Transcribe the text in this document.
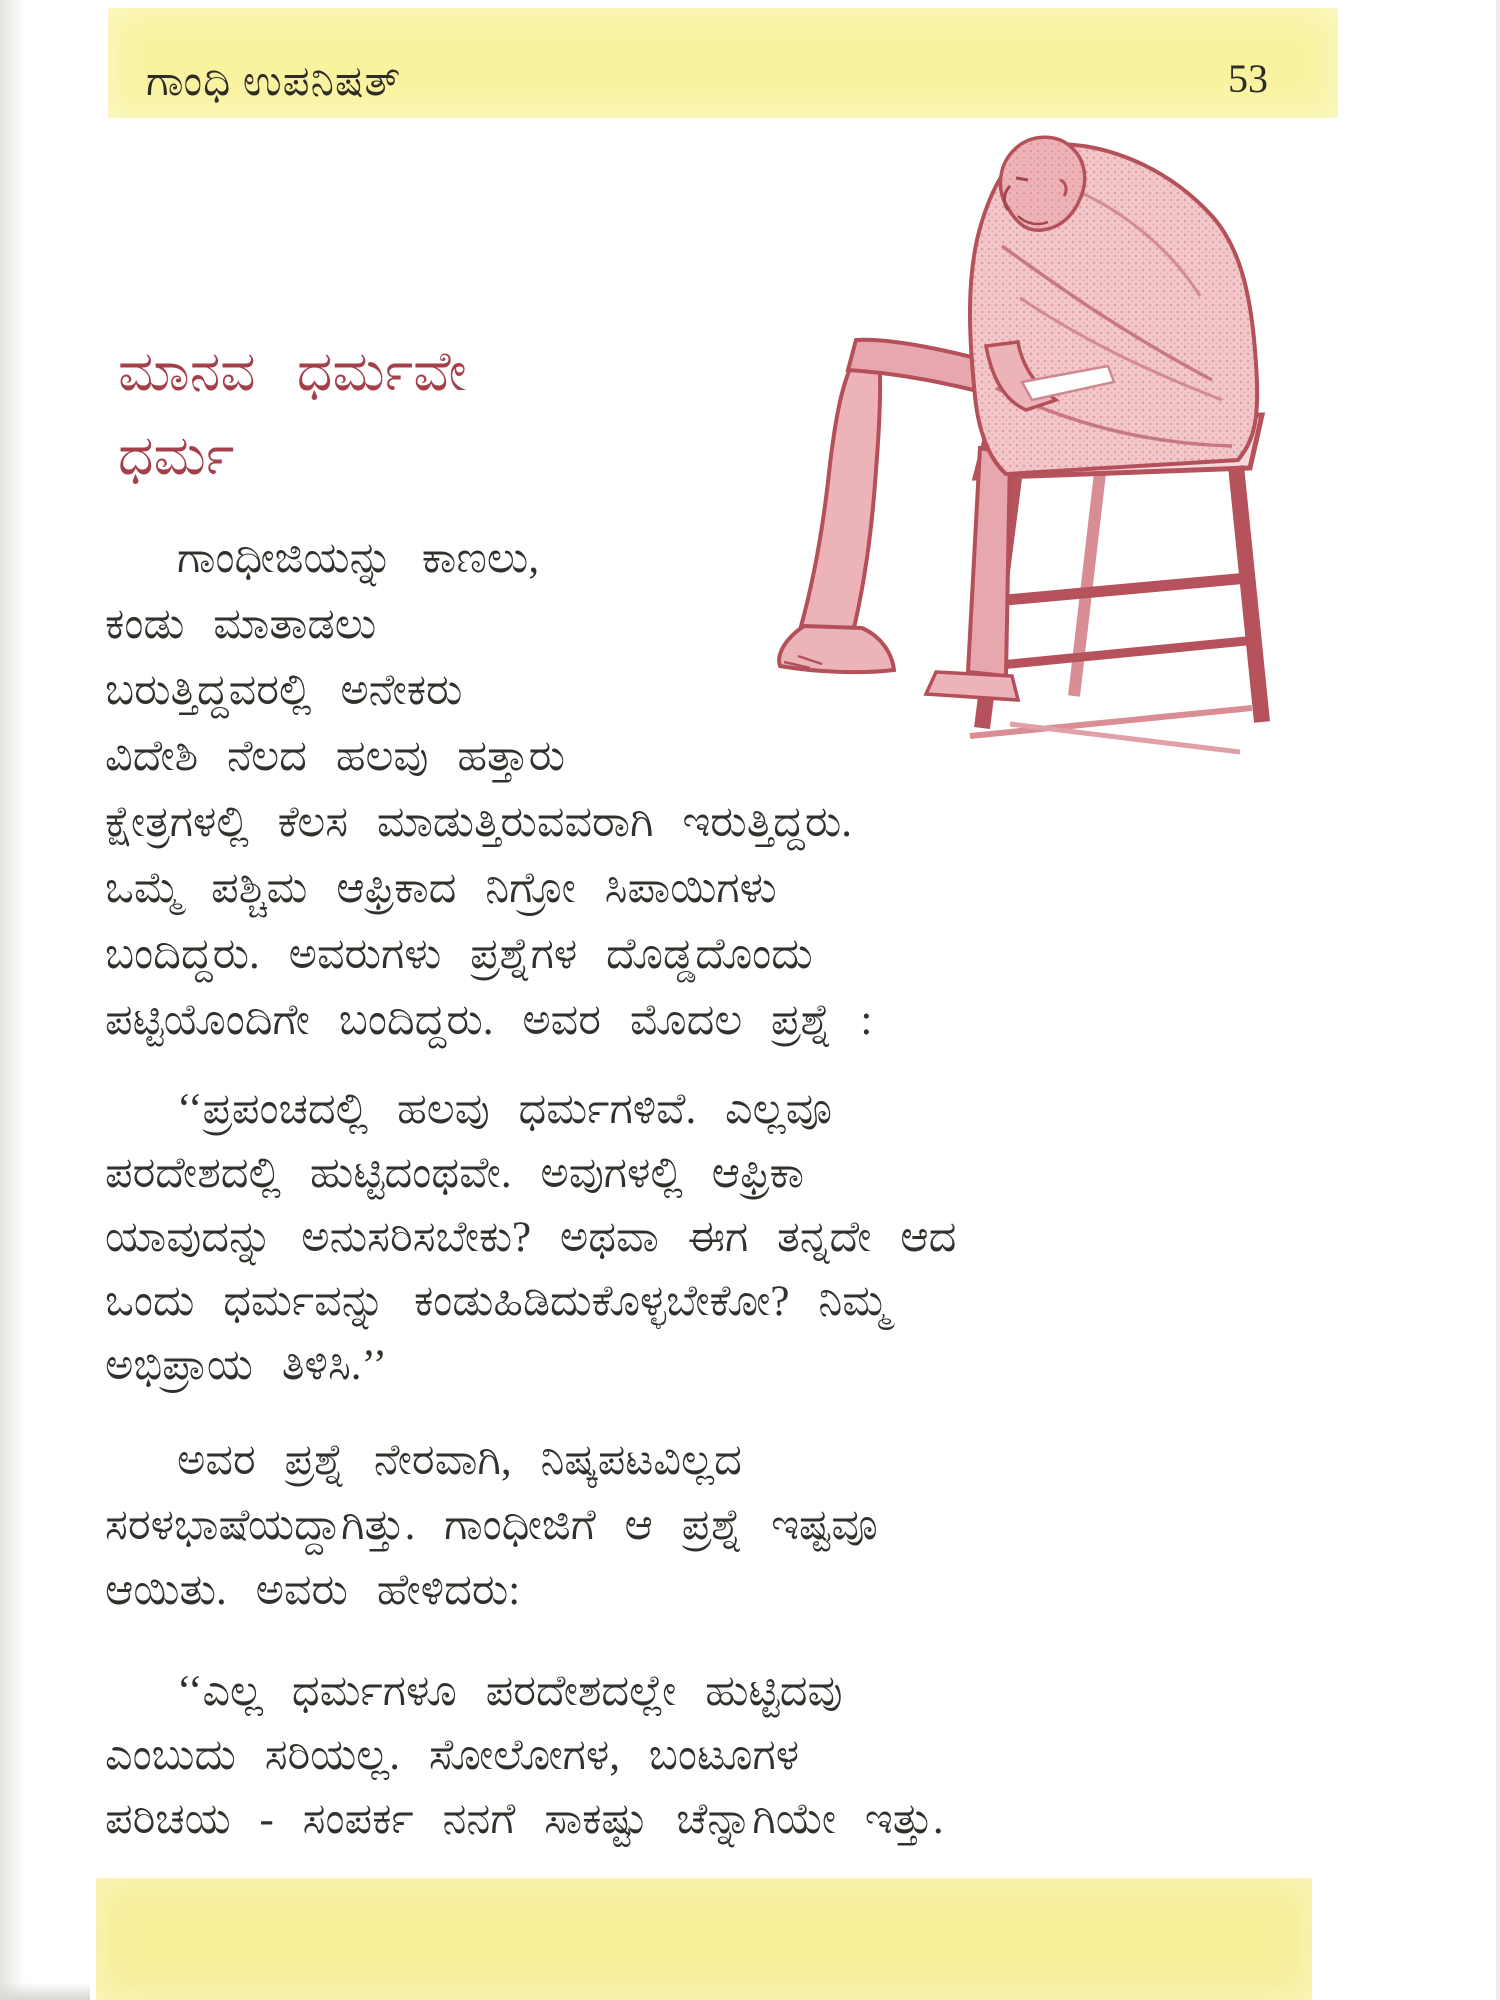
ಗಾಂಧಿ ಉಪನಿಷತ್	53
ಮಾನವ ಧರ್ಮವೇ
ಧರ್ಮ
ಗಾಂಧೀಜಿಯನ್ನು ಕಾಣಲು,
ಕಂಡು ಮಾತಾಡಲು
ಬರುತ್ತಿದ್ದವರಲ್ಲಿ ಅನೇಕರು
ವಿದೇಶಿ ನೆಲದ ಹಲವು ಹತ್ತಾರು
ಕ್ಷೇತ್ರಗಳಲ್ಲಿ ಕೆಲಸ ಮಾಡುತ್ತಿರುವವರಾಗಿ ಇರುತ್ತಿದ್ದರು.
ಒಮ್ಮೆ ಪಶ್ಚಿಮ ಆಫ್ರಿಕಾದ ನಿಗ್ರೋ ಸಿಪಾಯಿಗಳು
ಬಂದಿದ್ದರು. ಅವರುಗಳು ಪ್ರಶ್ನೆಗಳ ದೊಡ್ಡದೊಂದು
ಪಟ್ಟಿಯೊಂದಿಗೇ ಬಂದಿದ್ದರು. ಅವರ ಮೊದಲ ಪ್ರಶ್ನೆ :
‘‘ಪ್ರಪಂಚದಲ್ಲಿ ಹಲವು ಧರ್ಮಗಳಿವೆ. ಎಲ್ಲವೂ
ಪರದೇಶದಲ್ಲಿ ಹುಟ್ಟಿದಂಥವೇ. ಅವುಗಳಲ್ಲಿ ಆಫ್ರಿಕಾ
ಯಾವುದನ್ನು ಅನುಸರಿಸಬೇಕು? ಅಥವಾ ಈಗ ತನ್ನದೇ ಆದ
ಒಂದು ಧರ್ಮವನ್ನು ಕಂಡುಹಿಡಿದುಕೊಳ್ಳಬೇಕೋ? ನಿಮ್ಮ
ಅಭಿಪ್ರಾಯ ತಿಳಿಸಿ.’’
ಅವರ ಪ್ರಶ್ನೆ ನೇರವಾಗಿ, ನಿಷ್ಕಪಟವಿಲ್ಲದ
ಸರಳಭಾಷೆಯದ್ದಾಗಿತ್ತು. ಗಾಂಧೀಜಿಗೆ ಆ ಪ್ರಶ್ನೆ ಇಷ್ಟವೂ
ಆಯಿತು. ಅವರು ಹೇಳಿದರು:
‘‘ಎಲ್ಲ ಧರ್ಮಗಳೂ ಪರದೇಶದಲ್ಲೇ ಹುಟ್ಟಿದವು
ಎಂಬುದು ಸರಿಯಲ್ಲ. ಸೋಲೋಗಳ, ಬಂಟೂಗಳ
ಪರಿಚಯ - ಸಂಪರ್ಕ ನನಗೆ ಸಾಕಷ್ಟು ಚೆನ್ನಾಗಿಯೇ ಇತ್ತು.
